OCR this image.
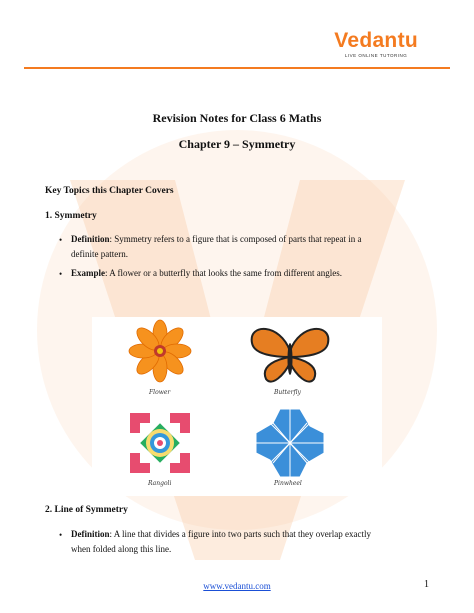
Vedantu
LIVE ONLINE TUTORING
Revision Notes for Class 6 Maths
Chapter 9 – Symmetry
Key Topics this Chapter Covers
1. Symmetry
• Definition: Symmetry refers to a figure that is composed of parts that repeat in a
definite pattern.
• Example: A flower or a butterfly that looks the same from different angles.
Flower	Butterfly
Rangoli	Pinwheel
2. Line of Symmetry
• Definition: A line that divides a figure into two parts such that they overlap exactly
when folded along this line.
www.vedantu.com	1
